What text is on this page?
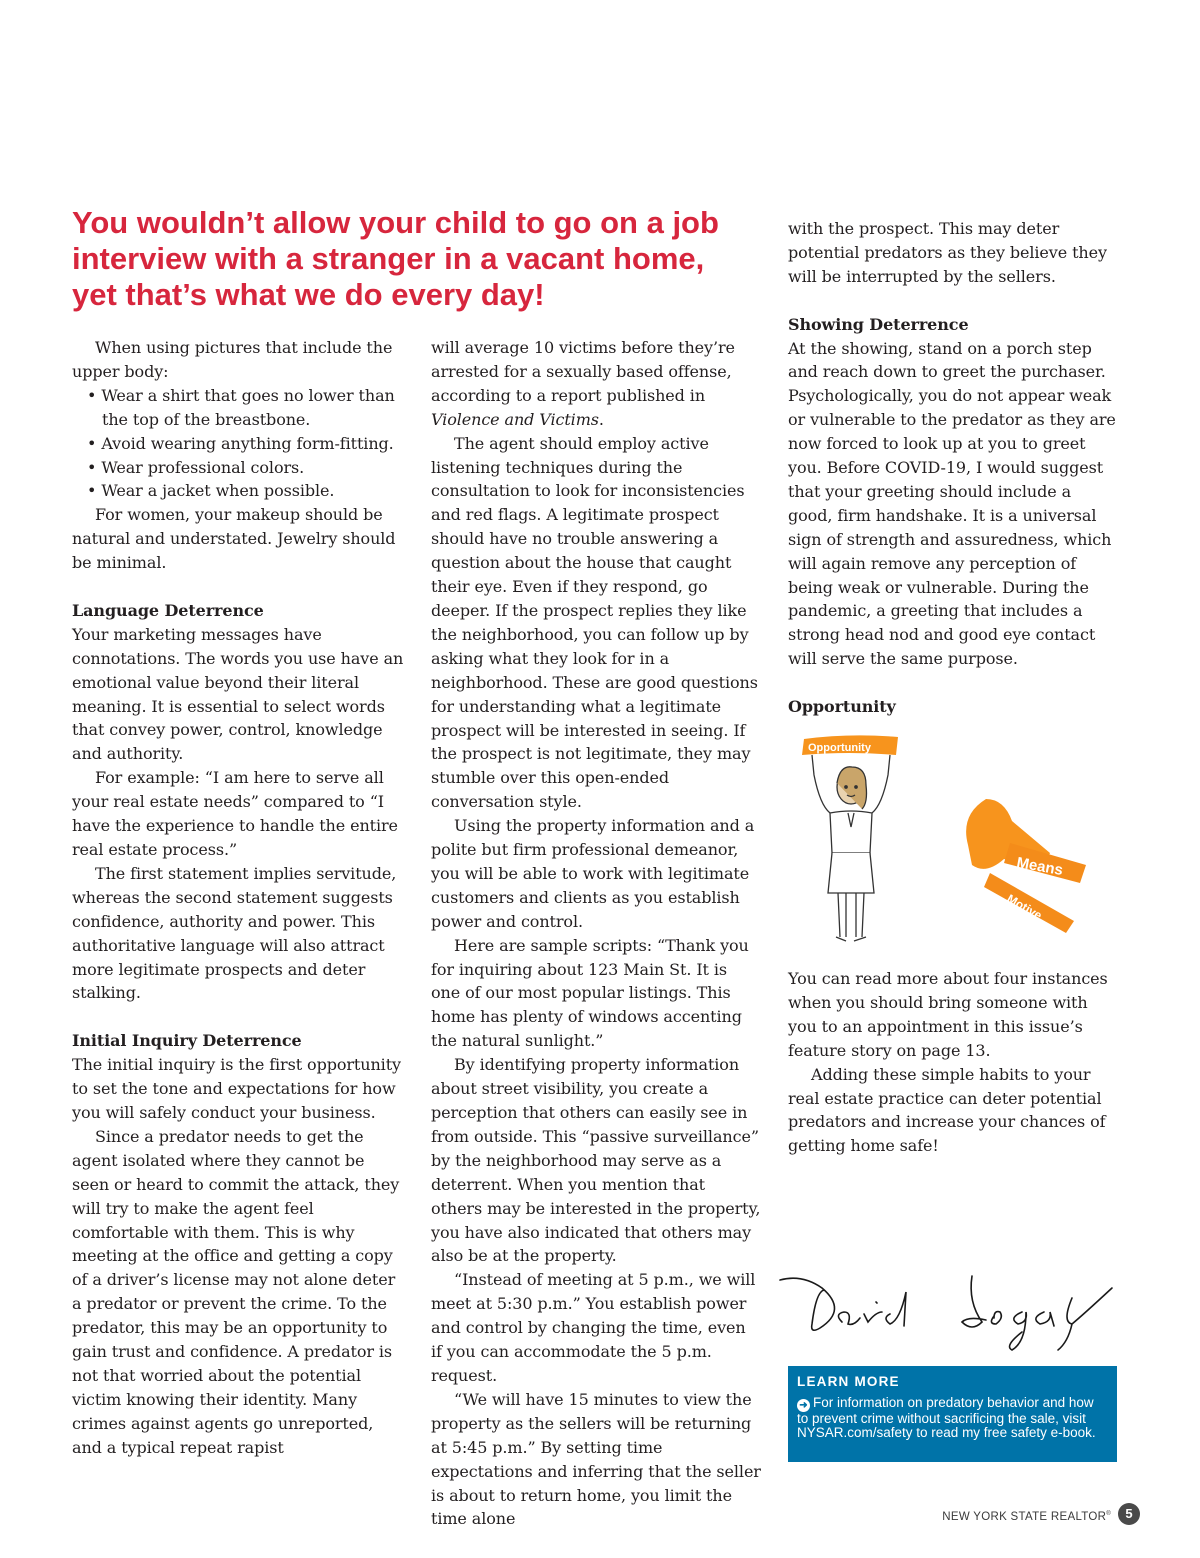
You wouldn’t allow your child to go on a job interview with a stranger in a vacant home, yet that’s what we do every day!

When using pictures that include the upper body:

• Wear a shirt that goes no lower than the top of the breastbone.
• Avoid wearing anything form-fitting.
• Wear professional colors.
• Wear a jacket when possible.

For women, your makeup should be natural and understated. Jewelry should be minimal.

Language Deterrence

Your marketing messages have connotations. The words you use have an emotional value beyond their literal meaning. It is essential to select words that convey power, control, knowledge and authority.

For example: “I am here to serve all your real estate needs” compared to “I have the experience to handle the entire real estate process.”

The first statement implies servitude, whereas the second statement suggests confidence, authority and power. This authoritative language will also attract more legitimate prospects and deter stalking.

Initial Inquiry Deterrence

The initial inquiry is the first opportunity to set the tone and expectations for how you will safely conduct your business.

Since a predator needs to get the agent isolated where they cannot be seen or heard to commit the attack, they will try to make the agent feel comfortable with them. This is why meeting at the office and getting a copy of a driver’s license may not alone deter a predator or prevent the crime. To the predator, this may be an opportunity to gain trust and confidence. A predator is not that worried about the potential victim knowing their identity. Many crimes against agents go unreported, and a typical repeat rapist

will average 10 victims before they’re arrested for a sexually based offense, according to a report published in Violence and Victims.

The agent should employ active listening techniques during the consultation to look for inconsistencies and red flags. A legitimate prospect should have no trouble answering a question about the house that caught their eye. Even if they respond, go deeper. If the prospect replies they like the neighborhood, you can follow up by asking what they look for in a neighborhood. These are good questions for understanding what a legitimate prospect will be interested in seeing. If the prospect is not legitimate, they may stumble over this open-ended conversation style.

Using the property information and a polite but firm professional demeanor, you will be able to work with legitimate customers and clients as you establish power and control.

Here are sample scripts: “Thank you for inquiring about 123 Main St. It is one of our most popular listings. This home has plenty of windows accenting the natural sunlight.”

By identifying property information about street visibility, you create a perception that others can easily see in from outside. This “passive surveillance” by the neighborhood may serve as a deterrent. When you mention that others may be interested in the property, you have also indicated that others may also be at the property.

“Instead of meeting at 5 p.m., we will meet at 5:30 p.m.” You establish power and control by changing the time, even if you can accommodate the 5 p.m. request.

“We will have 15 minutes to view the property as the sellers will be returning at 5:45 p.m.” By setting time expectations and inferring that the seller is about to return home, you limit the time alone

with the prospect. This may deter potential predators as they believe they will be interrupted by the sellers.

Showing Deterrence

At the showing, stand on a porch step and reach down to greet the purchaser. Psychologically, you do not appear weak or vulnerable to the predator as they are now forced to look up at you to greet you. Before COVID-19, I would suggest that your greeting should include a good, firm handshake. It is a universal sign of strength and assuredness, which will again remove any perception of being weak or vulnerable. During the pandemic, a greeting that includes a strong head nod and good eye contact will serve the same purpose.

Opportunity
Opportunity
Means
Motive

You can read more about four instances when you should bring someone with you to an appointment in this issue’s feature story on page 13.

Adding these simple habits to your real estate practice can deter potential predators and increase your chances of getting home safe!

LEARN MORE
➜ For information on predatory behavior and how to prevent crime without sacrificing the sale, visit NYSAR.com/safety to read my free safety e-book.
NEW YORK STATE REALTOR®	5
